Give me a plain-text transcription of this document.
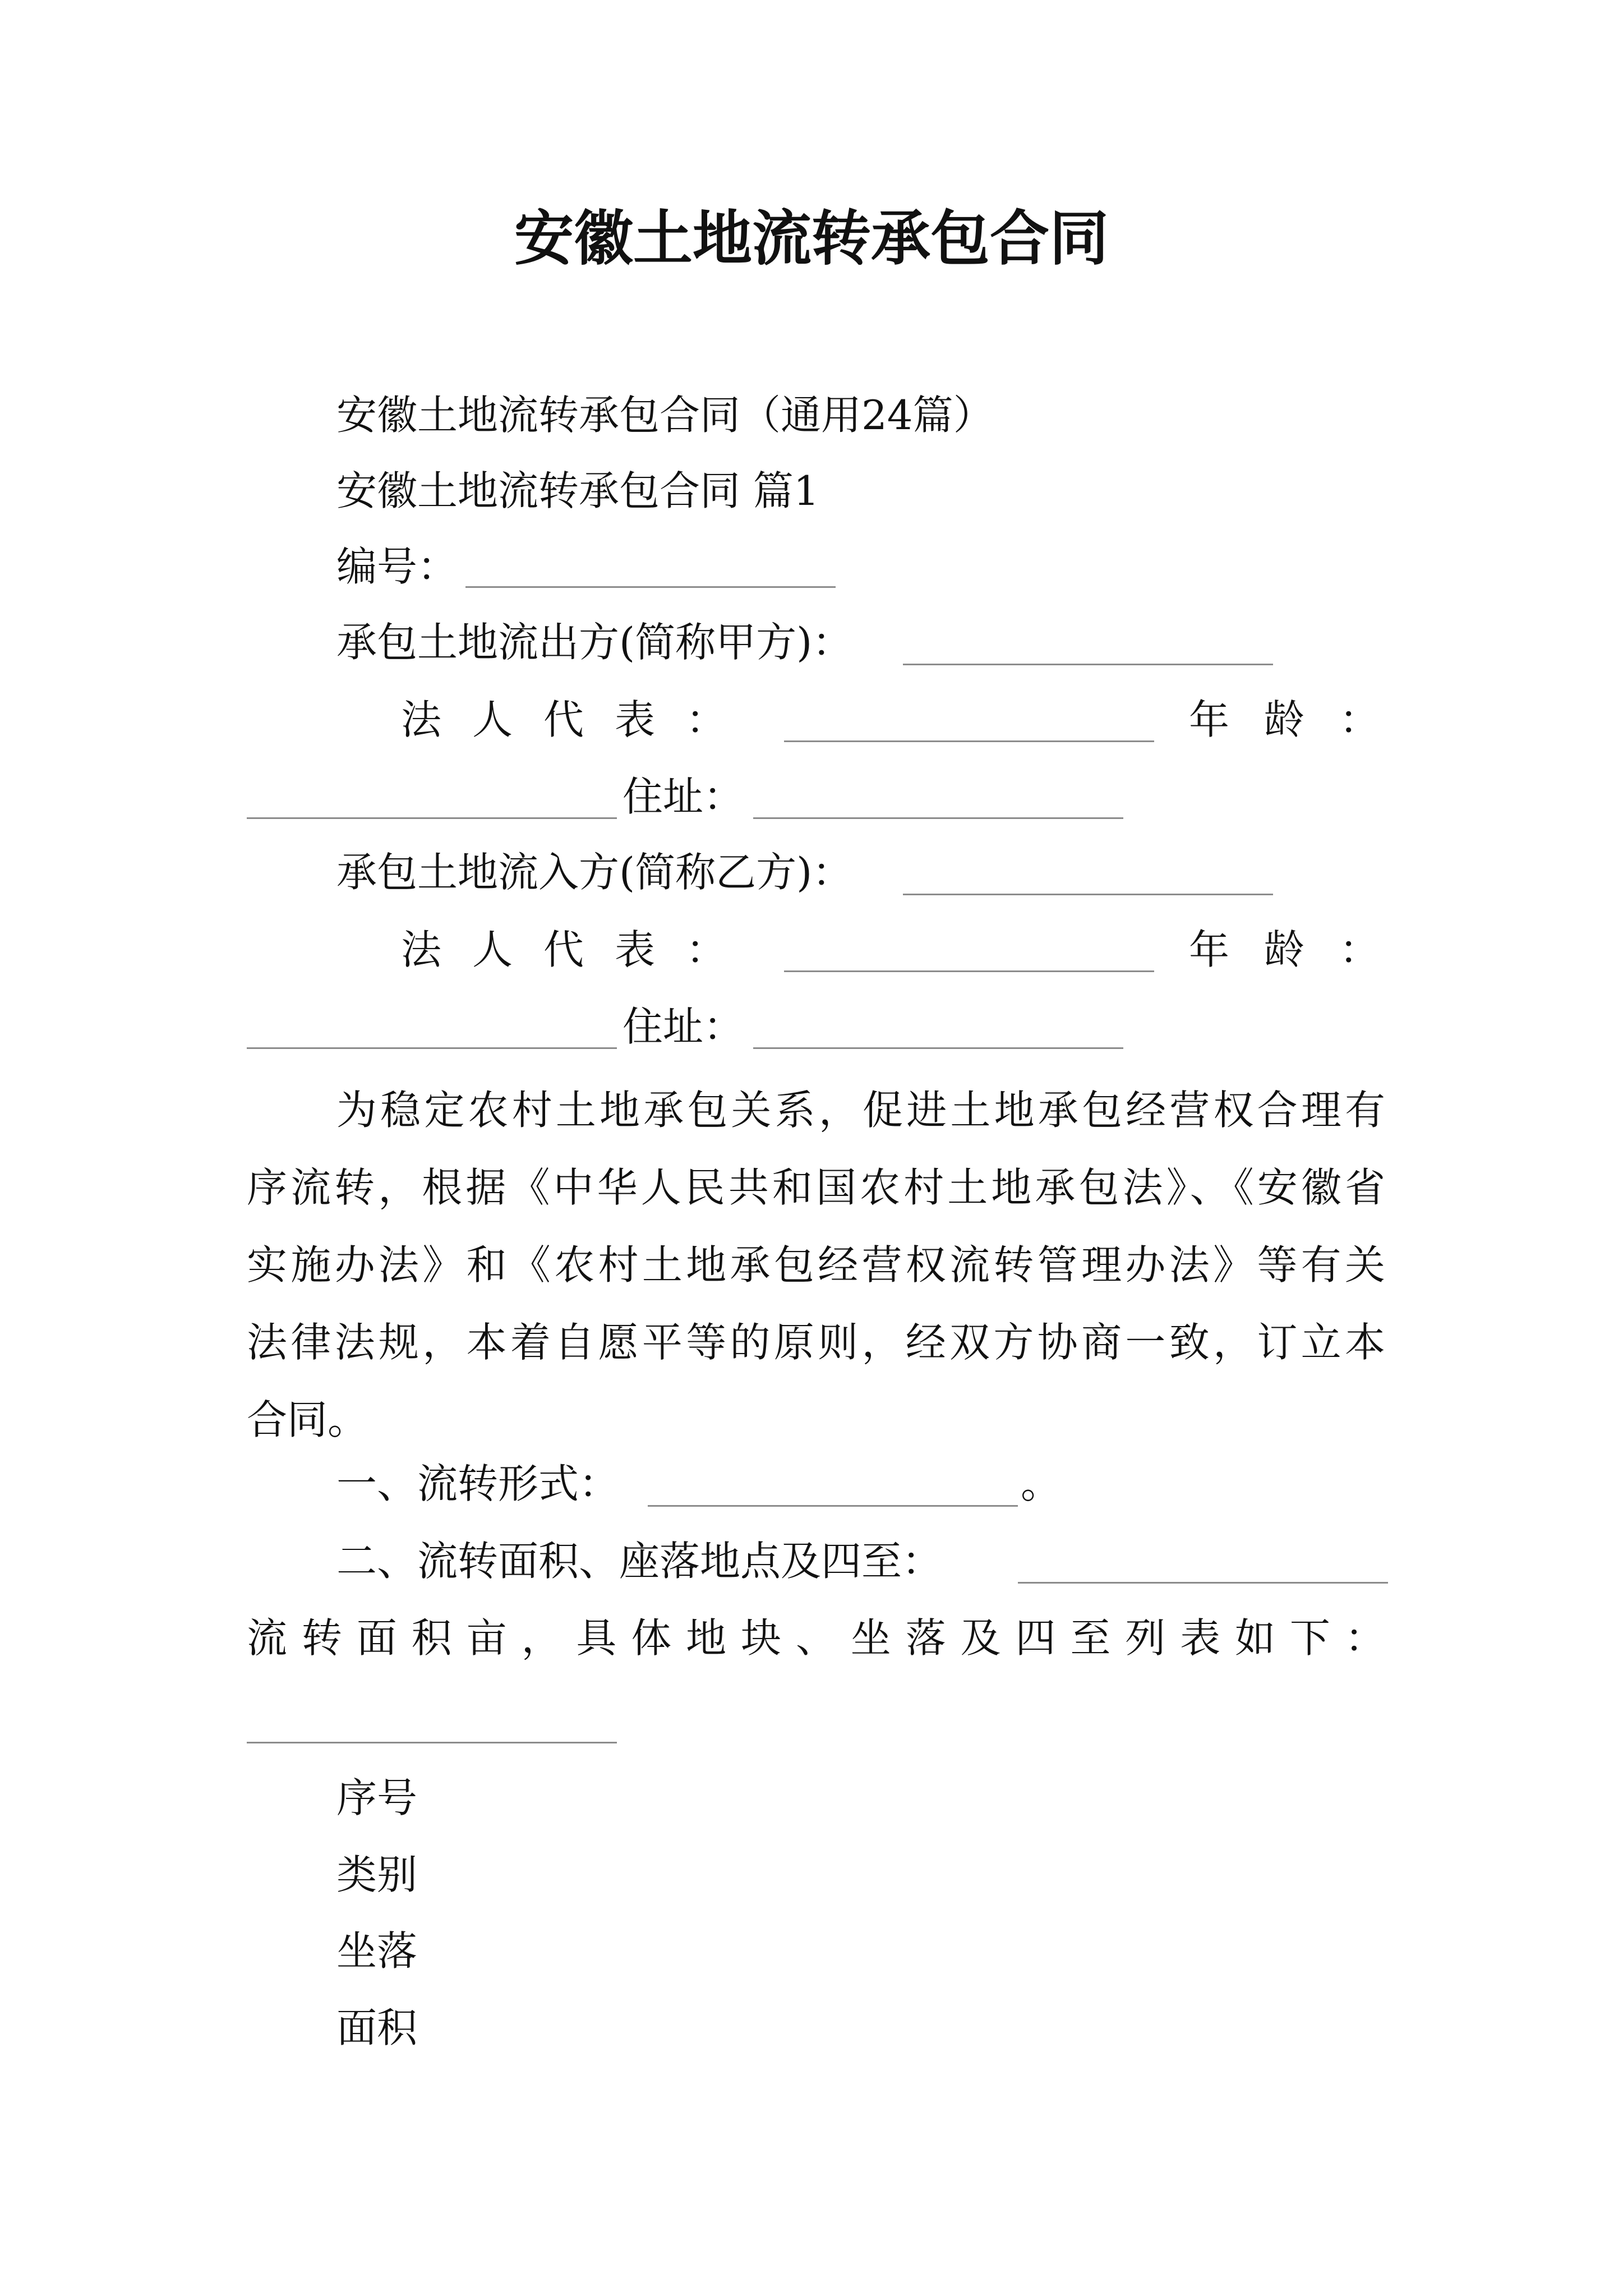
安徽土地流转承包合同
安徽土地流转承包合同（通用24篇）
安徽土地流转承包合同 篇1
编号：
承包土地流出方(简称甲方)：
法 人 代 表 ：	年 龄 ：
住址：
承包土地流入方(简称乙方)：
法 人 代 表 ：	年 龄 ：
住址：

为稳定农村土地承包关系，促进土地承包经营权合理有

序流转，根据《中华人民共和国农村土地承包法》、《安徽省

实施办法》和《农村土地承包经营权流转管理办法》等有关

法律法规，本着自愿平等的原则，经双方协商一致，订立本

合同。

一、流转形式：	。
二、流转面积、座落地点及四至：
流 转 面 积 亩 ， 具 体 地 块 、 坐 落 及 四 至 列 表 如 下 ：
序号
类别
坐落
面积
